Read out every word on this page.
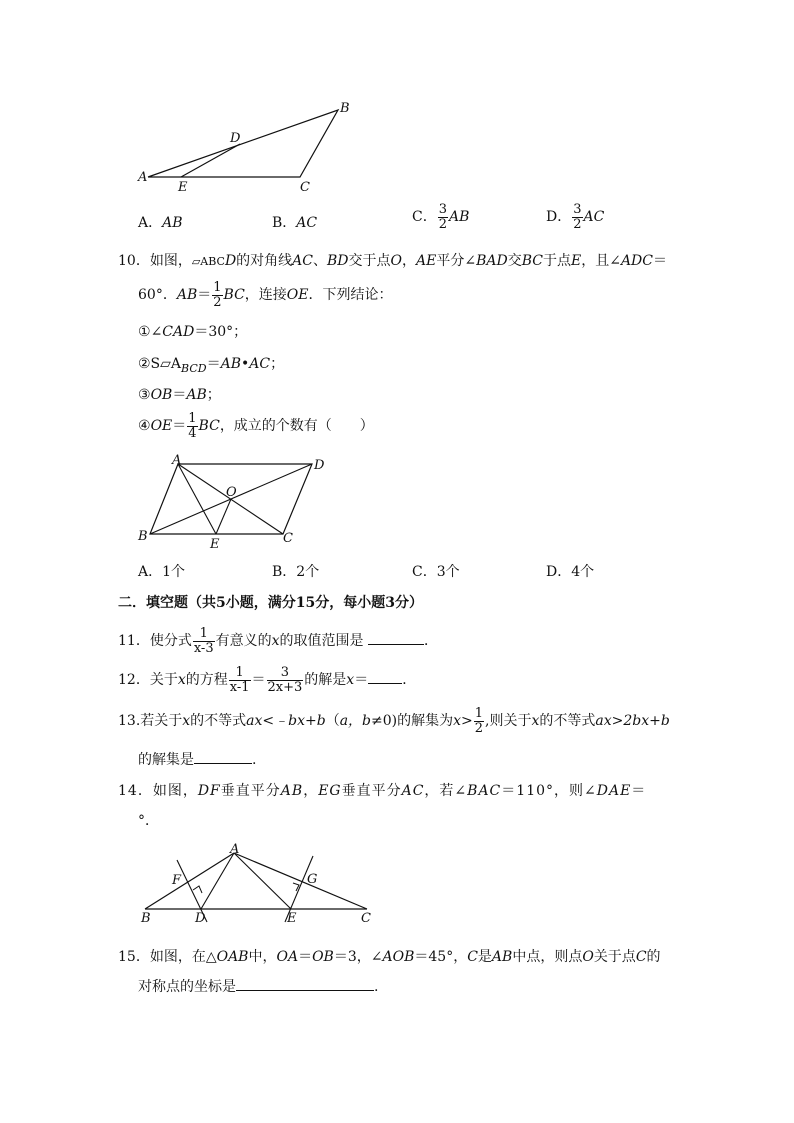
A
B
C
D
E
A．AB	B．AC	C． $\frac{3}{2}$ AB	D． $\frac{3}{2}$ AC
10．如图，▱ABCD的对角线AC、BD交于点O，AE平分∠BAD交BC于点E，且∠ADC＝
60°．$AB= \frac{1}{2}$ BC，连接OE．下列结论：
①∠CAD＝30°；
$②S▱A_{BCD}=AB•AC$；
③OB＝AB；
④OE＝ $\frac{1}{4}$ BC，成立的个数有（　　）
A	D
O
B
E	C
A．1个	B．2个	C．3个	D．4个
二．填空题（共5小题，满分15分，每小题3分）
11．使分式 $\frac{1}{x-3}$ 有意义的x的取值范围是	．
12．关于x的方程 $\frac{1}{x-1} = \frac{3}{2x+3}$ 的解是x＝ ．
13.若关于x的不等式ax<﹣bx+b（a，b≠0)的解集为$x> \frac{1}{2}$ ,则关于x的不等式ax>2bx+b
的解集是	.
14．如图，DF垂直平分AB，EG垂直平分AC，若∠BAC＝110°，则∠DAE＝
°．
A
F	G
B	D	E	C
15．如图，在△OAB中，OA＝OB＝3，∠AOB＝45°，C是AB中点，则点O关于点C的
对称点的坐标是	.
